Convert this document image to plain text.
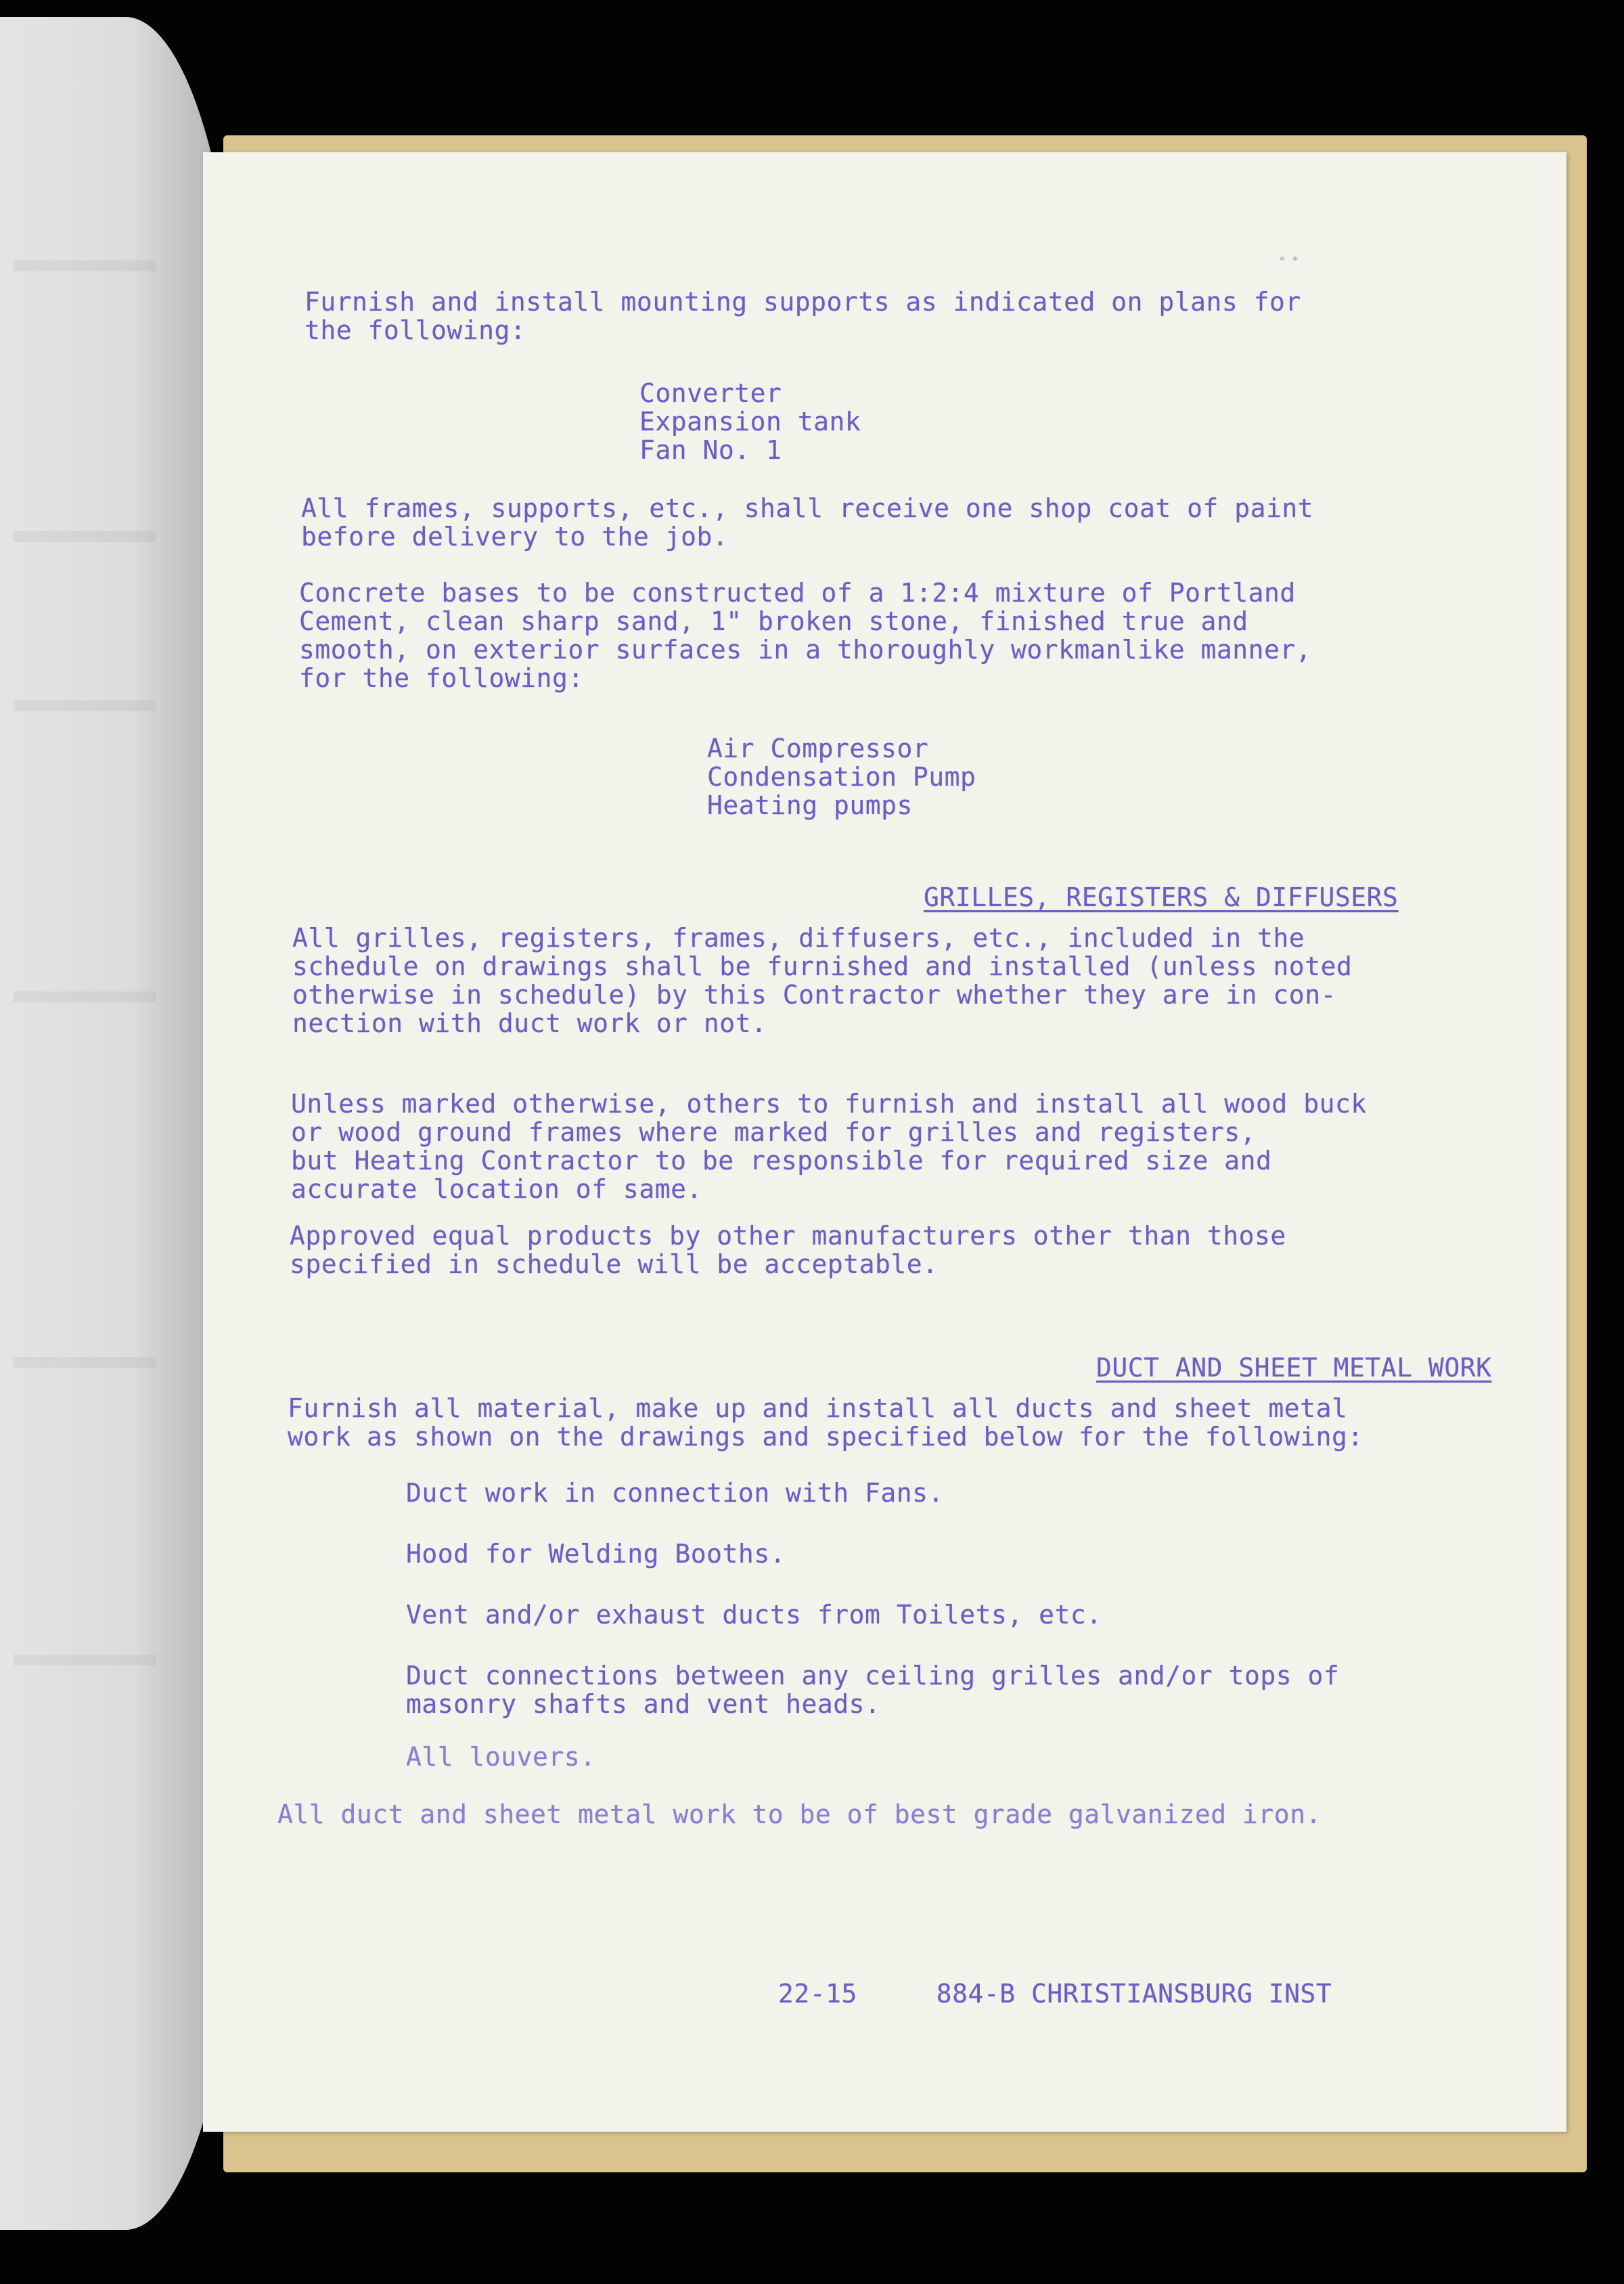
* *

Furnish and install mounting supports as indicated on plans for
the following:

Converter

Expansion tank

Fan No. 1

All frames, supports, etc., shall receive one shop coat of paint
before delivery to the job.

Concrete bases to be constructed of a 1:2:4 mixture of Portland
Cement, clean sharp sand, 1" broken stone, finished true and
smooth, on exterior surfaces in a thoroughly workmanlike manner,
for the following:

Air Compressor

Condensation Pump

Heating pumps

GRILLES, REGISTERS & DIFFUSERS

All grilles, registers, frames, diffusers, etc., included in the
schedule on drawings shall be furnished and installed (unless noted
otherwise in schedule) by this Contractor whether they are in con-
nection with duct work or not.

Unless marked otherwise, others to furnish and install all wood buck
or wood ground frames where marked for grilles and registers,
but Heating Contractor to be responsible for required size and
accurate location of same.

Approved equal products by other manufacturers other than those
specified in schedule will be acceptable.

DUCT AND SHEET METAL WORK

Furnish all material, make up and install all ducts and sheet metal
work as shown on the drawings and specified below for the following:

Duct work in connection with Fans.

Hood for Welding Booths.

Vent and/or exhaust ducts from Toilets, etc.

Duct connections between any ceiling grilles and/or tops of
masonry shafts and vent heads.

All louvers.

All duct and sheet metal work to be of best grade galvanized iron.

22-15     884-B CHRISTIANSBURG INST
